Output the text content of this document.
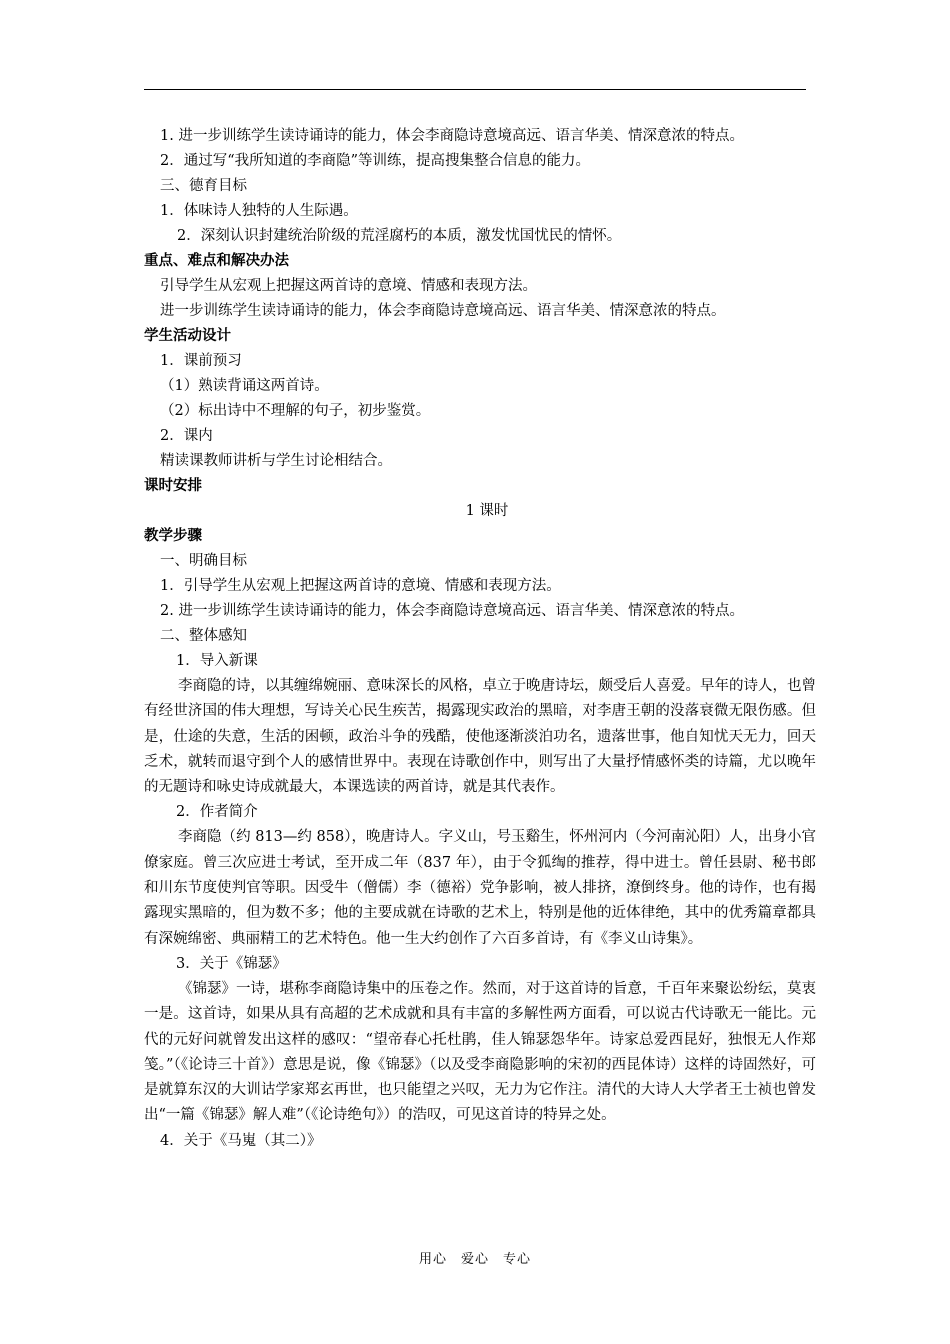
1. 进一步训练学生读诗诵诗的能力，体会李商隐诗意境高远、语言华美、情深意浓的特点。
2．通过写“我所知道的李商隐”等训练，提高搜集整合信息的能力。
三、德育目标
1．体味诗人独特的人生际遇。
2．深刻认识封建统治阶级的荒淫腐朽的本质，激发忧国忧民的情怀。
重点、难点和解决办法
引导学生从宏观上把握这两首诗的意境、情感和表现方法。
进一步训练学生读诗诵诗的能力，体会李商隐诗意境高远、语言华美、情深意浓的特点。
学生活动设计
1．课前预习
（1）熟读背诵这两首诗。
（2）标出诗中不理解的句子，初步鉴赏。
2．课内
精读课教师讲析与学生讨论相结合。
课时安排
1 课时
教学步骤
一、明确目标
1．引导学生从宏观上把握这两首诗的意境、情感和表现方法。
2. 进一步训练学生读诗诵诗的能力，体会李商隐诗意境高远、语言华美、情深意浓的特点。
二、整体感知
1．导入新课

李商隐的诗，以其缠绵婉丽、意味深长的风格，卓立于晚唐诗坛，颇受后人喜爱。早年的诗人，也曾有经世济国的伟大理想，写诗关心民生疾苦，揭露现实政治的黑暗，对李唐王朝的没落衰微无限伤感。但是，仕途的失意，生活的困顿，政治斗争的残酷，使他逐渐淡泊功名，遗落世事，他自知忧天无力，回天乏术，就转而退守到个人的感情世界中。表现在诗歌创作中，则写出了大量抒情感怀类的诗篇，尤以晚年的无题诗和咏史诗成就最大，本课选读的两首诗，就是其代表作。

2．作者简介

李商隐（约 813—约 858），晚唐诗人。字义山，号玉谿生，怀州河内（今河南沁阳）人，出身小官僚家庭。曾三次应进士考试，至开成二年（837 年），由于令狐绹的推荐，得中进士。曾任县尉、秘书郎和川东节度使判官等职。因受牛（僧儒）李（德裕）党争影响，被人排挤，潦倒终身。他的诗作，也有揭露现实黑暗的，但为数不多；他的主要成就在诗歌的艺术上，特别是他的近体律绝，其中的优秀篇章都具有深婉绵密、典丽精工的艺术特色。他一生大约创作了六百多首诗，有《李义山诗集》。

3．关于《锦瑟》

《锦瑟》一诗，堪称李商隐诗集中的压卷之作。然而，对于这首诗的旨意，千百年来聚讼纷纭，莫衷一是。这首诗，如果从具有高超的艺术成就和具有丰富的多解性两方面看，可以说古代诗歌无一能比。元代的元好问就曾发出这样的感叹：“望帝春心托杜鹃，佳人锦瑟怨华年。诗家总爱西昆好，独恨无人作郑笺。”（《论诗三十首》）意思是说，像《锦瑟》（以及受李商隐影响的宋初的西昆体诗）这样的诗固然好，可是就算东汉的大训诂学家郑玄再世，也只能望之兴叹，无力为它作注。清代的大诗人大学者王士祯也曾发出“一篇《锦瑟》解人难”（《论诗绝句》）的浩叹，可见这首诗的特异之处。

4．关于《马嵬（其二）》
用心　爱心　专心
